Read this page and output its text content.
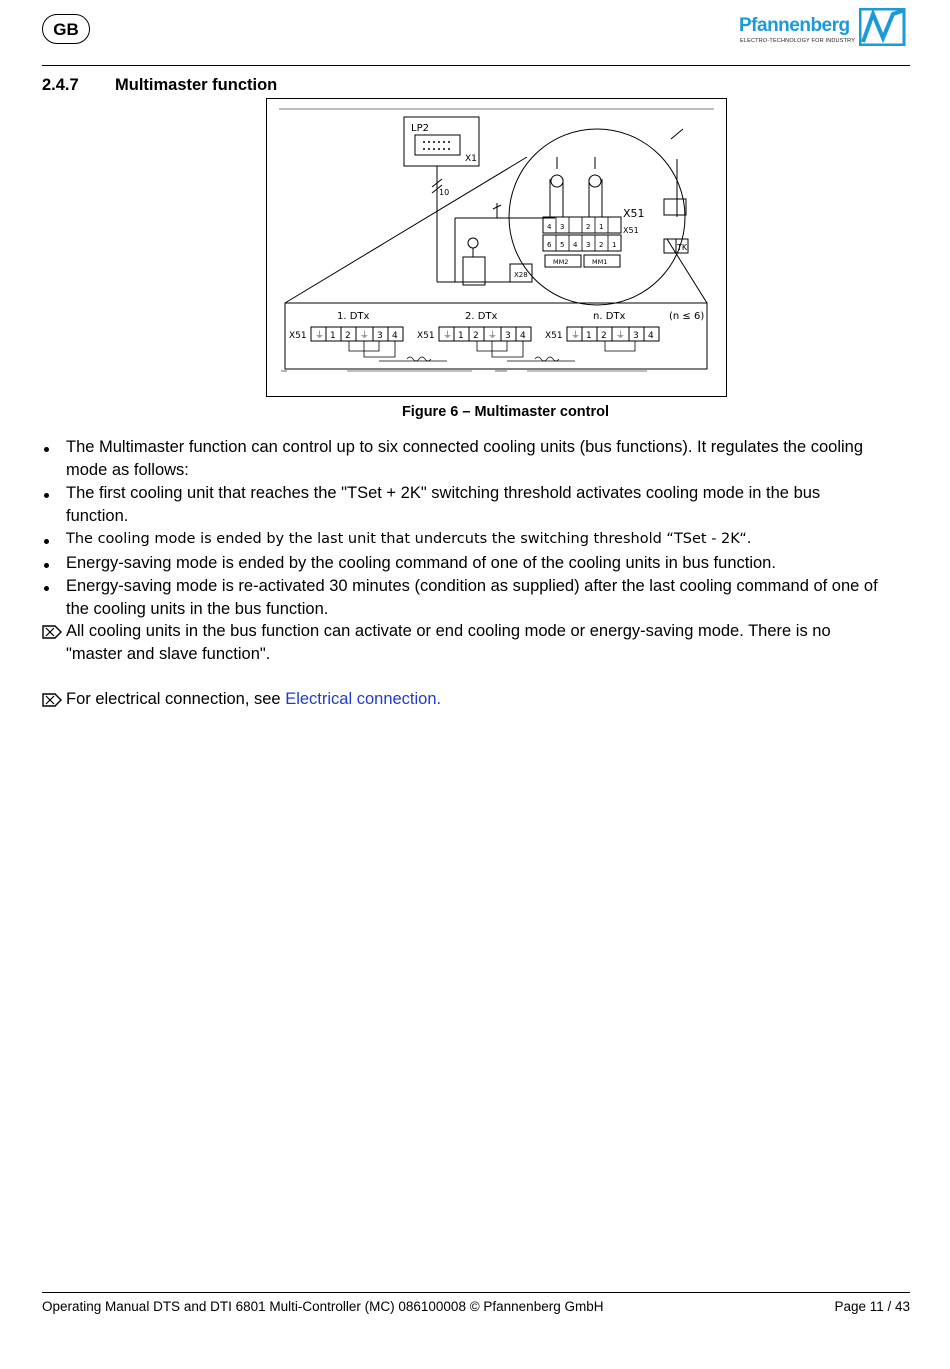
GB	Pfannenberg
ELECTRO-TECHNOLOGY FOR INDUSTRY
2.4.7 Multimaster function
LP2
X1
10
X51
X51
X28
MM2	MM1
TK
1. DTx	2. DTx	n. DTx	(n ≤ 6)
X51	X51	X51
⏚ 1 2 ⏚ 3 4	⏚ 1 2 ⏚ 3 4	⏚ 1 2 ⏚ 3 4
4 3	2 1
6 5 4 3 2 1
Figure 6 – Multimaster control
The Multimaster function can control up to six connected cooling units (bus functions). It regulates the cooling
mode as follows:
The first cooling unit that reaches the "TSet + 2K" switching threshold activates cooling mode in the bus
function.
The cooling mode is ended by the last unit that undercuts the switching threshold “TSet - 2K“.
Energy-saving mode is ended by the cooling command of one of the cooling units in bus function.
Energy-saving mode is re-activated 30 minutes (condition as supplied) after the last cooling command of one of
the cooling units in the bus function.
All cooling units in the bus function can activate or end cooling mode or energy-saving mode. There is no
"master and slave function".
For electrical connection, see Electrical connection.
Operating Manual DTS and DTI 6801 Multi-Controller (MC) 086100008 © Pfannenberg GmbH	Page 11 / 43
